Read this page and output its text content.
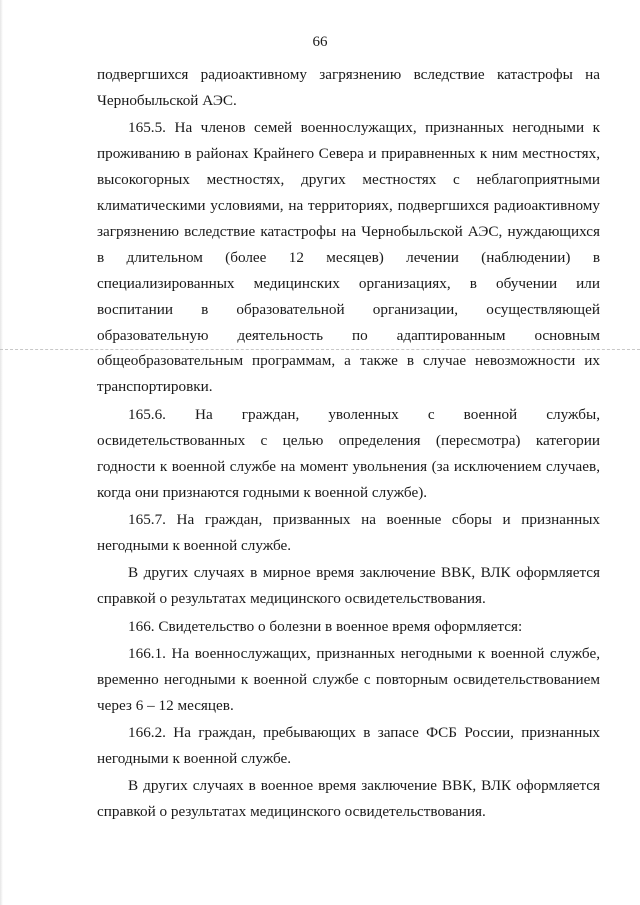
66

подвергшихся радиоактивному загрязнению вследствие катастрофы на Чернобыльской АЭС.

165.5. На членов семей военнослужащих, признанных негодными к проживанию в районах Крайнего Севера и приравненных к ним местностях, высокогорных местностях, других местностях с неблагоприятными климатическими условиями, на территориях, подвергшихся радиоактивному загрязнению вследствие катастрофы на Чернобыльской АЭС, нуждающихся в длительном (более 12 месяцев) лечении (наблюдении) в специализированных медицинских организациях, в обучении или воспитании в образовательной организации, осуществляющей образовательную деятельность по адаптированным основным общеобразовательным программам, а также в случае невозможности их транспортировки.

165.6. На граждан, уволенных с военной службы, освидетельствованных с целью определения (пересмотра) категории годности к военной службе на момент увольнения (за исключением случаев, когда они признаются годными к военной службе).

165.7. На граждан, призванных на военные сборы и признанных негодными к военной службе.

В других случаях в мирное время заключение ВВК, ВЛК оформляется справкой о результатах медицинского освидетельствования.

166. Свидетельство о болезни в военное время оформляется:

166.1. На военнослужащих, признанных негодными к военной службе, временно негодными к военной службе с повторным освидетельствованием через 6 – 12 месяцев.

166.2. На граждан, пребывающих в запасе ФСБ России, признанных негодными к военной службе.

В других случаях в военное время заключение ВВК, ВЛК оформляется справкой о результатах медицинского освидетельствования.
